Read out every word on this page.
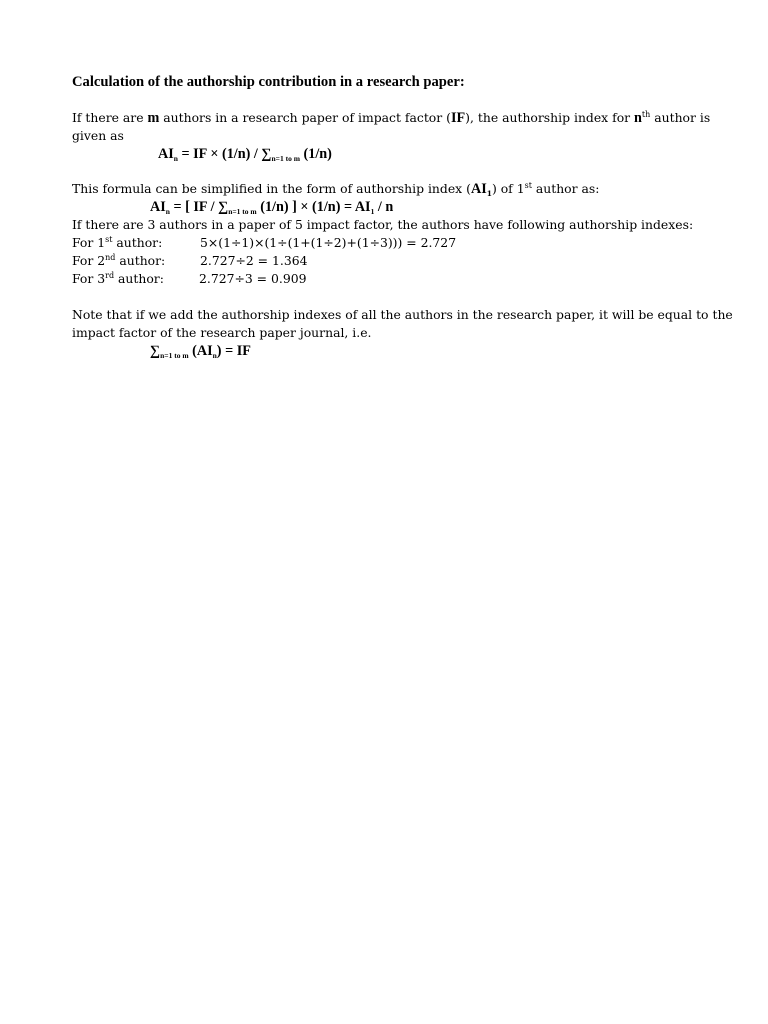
Calculation of the authorship contribution in a research paper:
If there are m authors in a research paper of impact factor (IF), the authorship index for $n^{th}$ author is
given as
$AI_n$ = IF × $(1/n) / \sum_{n=1 to m}$ (1/n)
This formula can be simplified in the form of authorship index $(AI_1)$ of 1st author as:
$AI_n$ = [ IF / $\sum_{n=1 to m}$ (1/n) ] × $(1/n) = AI_1 / n$
If there are 3 authors in a paper of 5 impact factor, the authors have following authorship indexes:
For 1st author:	5×(1÷1)×(1÷(1+(1÷2)+(1÷3))) = 2.727
For 2nd author:	2.727÷2 = 1.364
For 3rd author:	2.727÷3 = 0.909
Note that if we add the authorship indexes of all the authors in the research paper, it will be equal to the
impact factor of the research paper journal, i.e.
$\sum_{n=1 to m}$ $(AI_n)$ = IF
